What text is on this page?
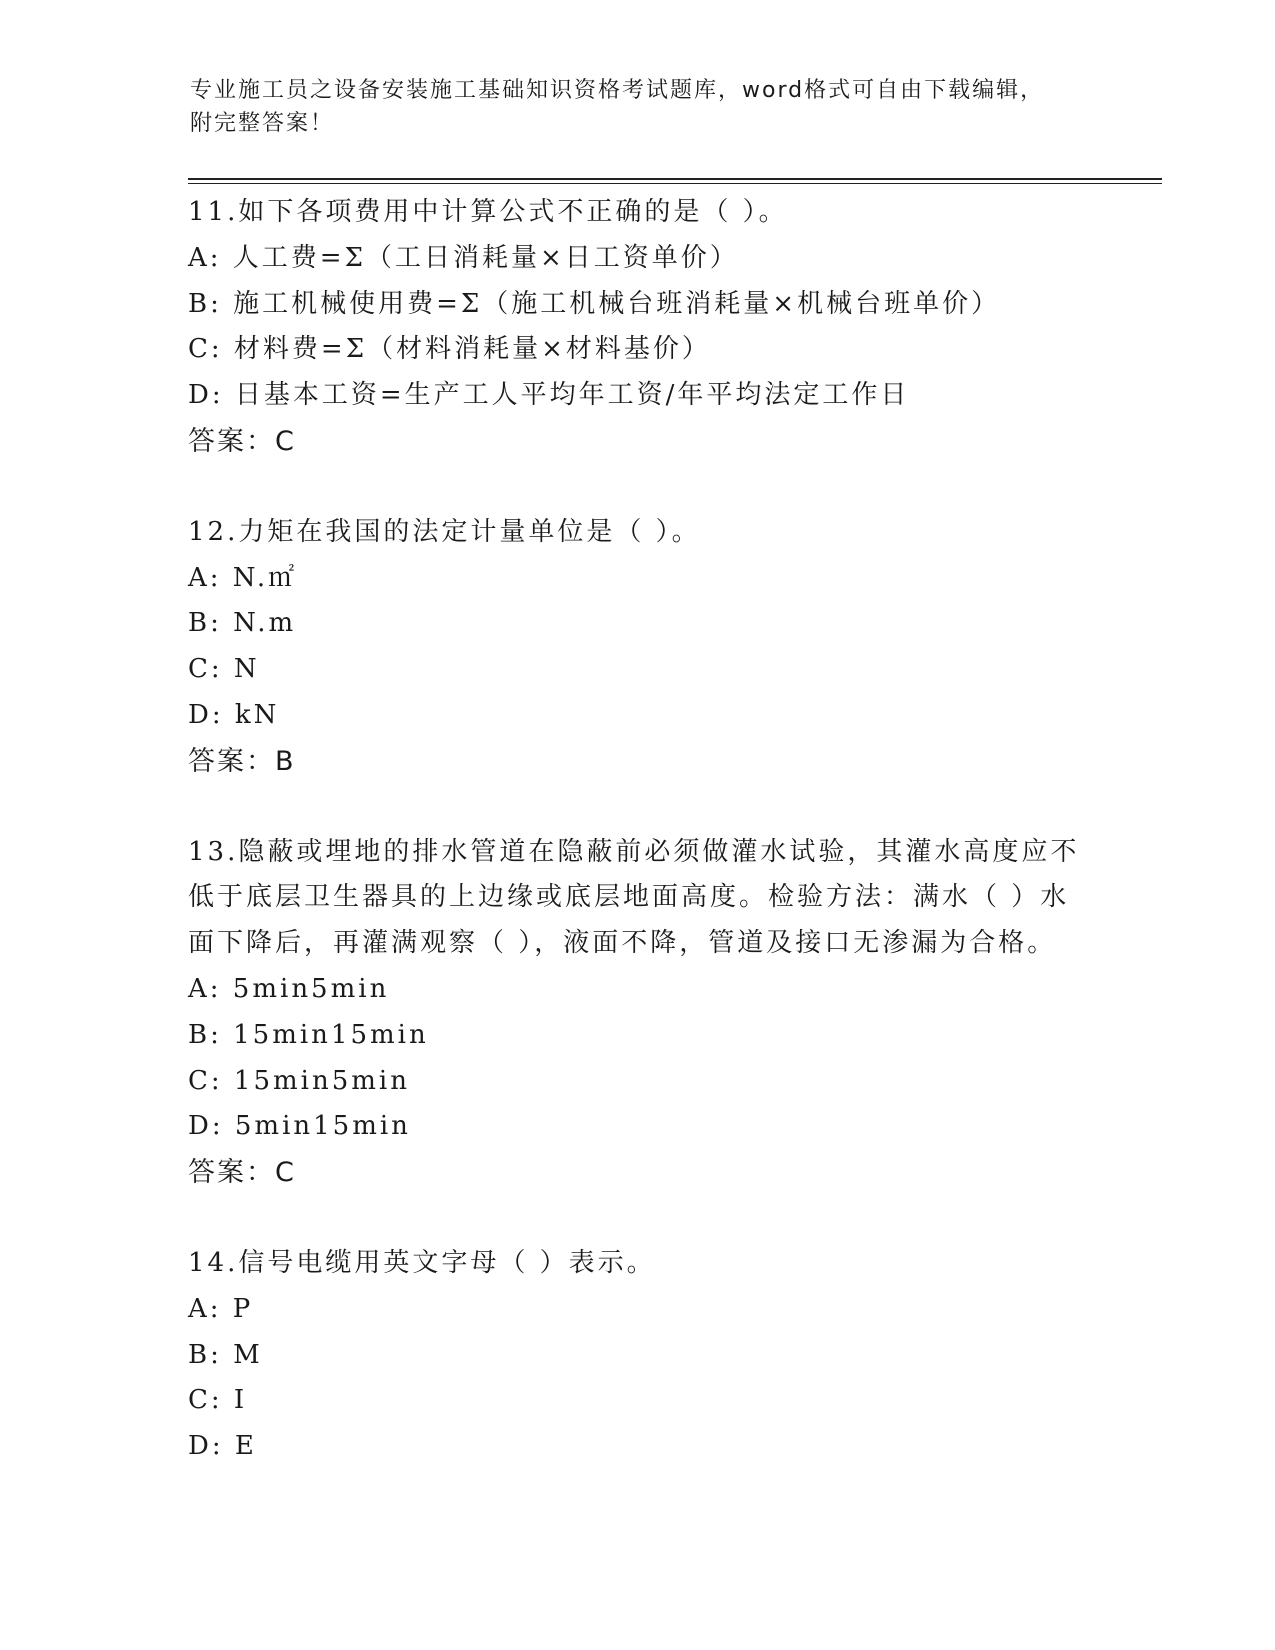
专业施工员之设备安装施工基础知识资格考试题库，word格式可自由下载编辑，
附完整答案！
11.如下各项费用中计算公式不正确的是（ ）。
A: 人工费=Σ（工日消耗量×日工资单价）
B: 施工机械使用费=Σ（施工机械台班消耗量×机械台班单价）
C: 材料费=Σ（材料消耗量×材料基价）
D: 日基本工资=生产工人平均年工资/年平均法定工作日
答案：C
12.力矩在我国的法定计量单位是（ ）。
A: N.㎡
B: N.m
C: N
D: kN
答案：B
13.隐蔽或埋地的排水管道在隐蔽前必须做灌水试验，其灌水高度应不
低于底层卫生器具的上边缘或底层地面高度。检验方法：满水（ ）水
面下降后，再灌满观察（ ），液面不降，管道及接口无渗漏为合格。
A: 5min5min
B: 15min15min
C: 15min5min
D: 5min15min
答案：C
14.信号电缆用英文字母（ ）表示。
A: P
B: M
C: I
D: E
